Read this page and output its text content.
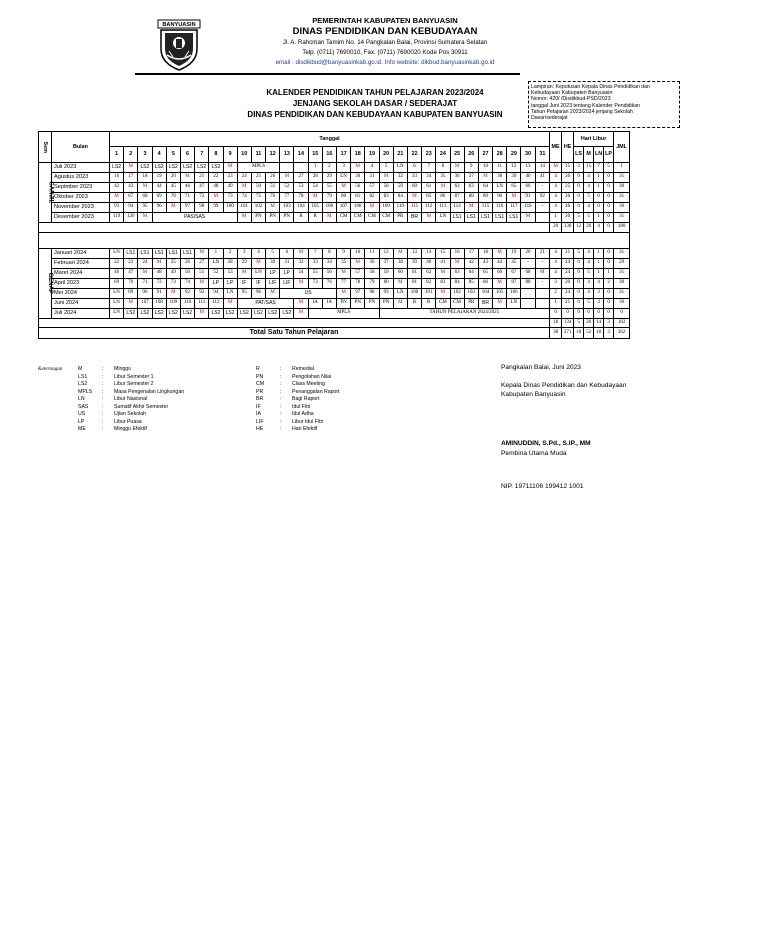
BANYUASIN
PEMERINTAH KABUPATEN BANYUASIN
DINAS PENDIDIKAN DAN KEBUDAYAAN
Jl. A. Rahcman Tamim No. 14 Pangkalan Balai, Provinsi Sumatera Selatan
Telp. (0711) 7690010, Fax. (0711) 7690020 Kode Pos 30911
email : disdikbud@banyuasinkab.go.id. Info website: dikbud.banyuasinkab.go.id
KALENDER PENDIDIKAN TAHUN PELAJARAN 2023/2024
JENJANG SEKOLAH DASAR / SEDERAJAT
DINAS PENDIDIKAN DAN KEBUDAYAAN KABUPATEN BANYUASIN
Lampiran: Keputusan Kepala Dinas Pendidikan dan
Kebudayaan Kabupaten Banyuasin
Nomor: 420/ /Disdikbud-PSD/2023
tanggal Juni 2023 tentang Kalender Pendidikan
Tahun Pelajaran 2023/2024 jenjang Sekolah
Dasar/sederajat
Sem	Bulan	Tanggal																															ME	HE	Hari Libur				JML	
		1	2	3	4	5	6	7	8	9	10	11	12	13	14	15	16	17	18	19	20	21	22	23	24	25	26	27	28	29	30	31			LS	M	LN	LP		
GANJIL	Juli 2023	LS2	M	LS2	LS2	LS2	LS2	LS2	LS2	M	MPLS					1	2	3	M	4	5	LN	6	7	8	M	9	10	11	12	13	14	M	15	3	15	7	5	1		
	Agustus 2023	16	17	18	19	20	M	21	22	23	24	25	26	M	27	28	29	LN	30	31	M	32	33	34	35	36	37	M	38	39	40	41	4	26	0	4	1	0	31	
	Septmber 2023	42	43	M	44	45	46	47	48	49	M	50	51	52	53	54	55	M	56	57	58	59	60	61	M	62	63	64	LN	65	66	-	4	25	0	4	1	0	30	
	Oktober 2023	M	67	68	69	70	71	72	M	73	74	75	76	77	78	M	79	80	81	82	83	84	M	85	86	87	88	89	90	M	91	92	4	26	0	5	0	0	31	
	November 2023	93	94	95	96	M	97	98	99	100	101	102	M	103	104	105	106	107	108	M	109	110	111	112	113	114	M	115	116	117	118	-	4	26	0	4	0	0	30	
	Desember 2023	119	120	M	PAS/SAS						M	PN	PN	PN	R	R	M	CM	CM	CM	CM	PR	BR	M	LN	LS1	LS1	LS1	LS1	LS1	M		1	20	5	5	1	0	31	
																																	20	138	12	26	4	0	180	

GENAP	Januari 2024	LN	LS1	LS1	LS1	LS1	LS1	M	1	2	3	4	5	6	M	7	8	9	10	11	12	M	13	14	15	16	17	18	M	19	20	21	4	21	5	4	1	0	31	
	Februari 2024	22	23	24	M	25	26	27	LN	28	29	M	30	31	32	33	34	35	M	36	37	38	39	40	41	M	42	43	44	45	-	-	4	24	0	4	1	0	29	
	Maret 2024	46	47	M	48	49	50	51	52	53	M	LN	LP	LP	54	55	56	M	57	58	59	60	61	62	M	63	64	65	66	67	68	M	4	24	0	5	1	1	31	
	April 2023	69	70	71	72	73	74	M	LP	LP	IF	IF	LIF	LIF	M	73	76	77	78	79	80	M	81	82	83	84	85	86	M	87	88	-	3	20	0	4	4	2	30	
	Mei 2024	LN	89	90	91	M	92	93	94	LN	95	96	M	US				M	97	98	99	LN	100	101	M	102	103	104	105	106			2	24	0	4	3	0	31	
	Juni 2024	LN	M	107	108	109	110	111	112	M	PAT/SAS				M	IA	IA	PN	PN	PN	PN	M	R	R	CM	CM	PR	BR	M	LN			1	21	0	5	4	0	30	
	Juli 2024	LN	LS2	LS2	LS2	LS2	LS2	M	LS2	LS2	LS2	LS2	LS2	LS2	M	MPLS					TAHUN PELAJARAN 2024/2025												0	0	0	0	0	0	0	
																																	18	134	5	26	14	3	182	
Total Satu Tahun Pelajaran																																	38	271	18	52	18	3	362	
Keterangan	M	: Minggu
LS1	: Libur Semester 1
LS2	: Libur Semester 2
MPLS : Masa Pengenalan Lingkungan
LN	: Libur Nasional
SAS	: Sumatif Akhir Semester
US	: Ujian Sekolah
LP	: Libur Puasa
ME	: Minggu Efektif
R	: Remedial
PN	: Pengolahan Nilai
CM	: Class Meeting
PR	: Penanggalan Raport
BR	: Bagi Raport
IF	: Idul Fitri
IA	: Idul Adha
LIF	: Libur Idul Fitri
HE	: Hari Efektif
Pangkalan Balai, Juni 2023
Kepala Dinas Pendidikan dan Kebudayaan
Kabupaten Banyuasin
AMINUDDIN, S.Pd., S.IP., MM
Pembina Utama Muda
NIP. 19711106 199412 1001
